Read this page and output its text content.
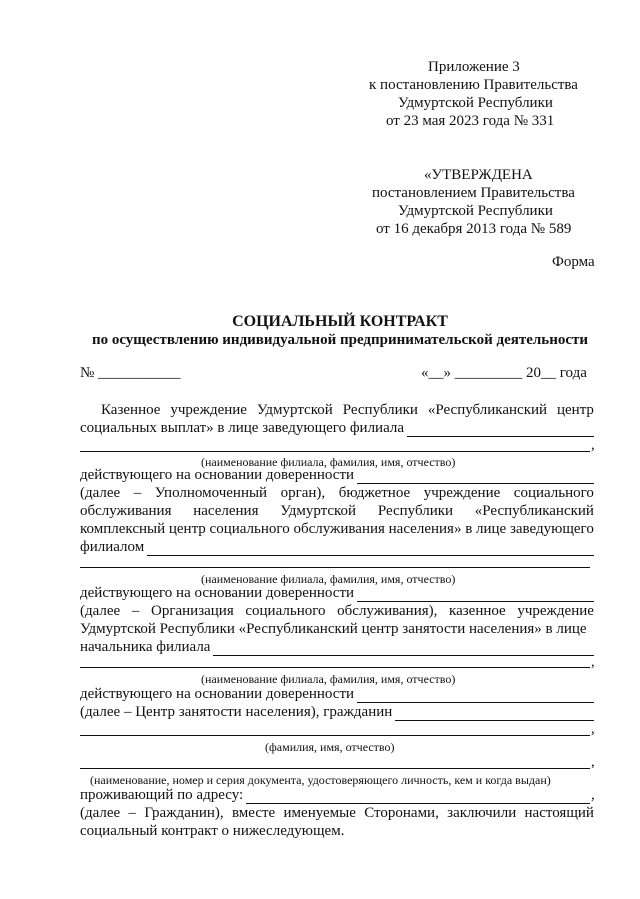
Приложение 3
к постановлению Правительства
Удмуртской Республики
от 23 мая 2023 года № 331
«УТВЕРЖДЕНА
постановлением Правительства
Удмуртской Республики
от 16 декабря 2013 года № 589
Форма
СОЦИАЛЬНЫЙ КОНТРАКТ
по осуществлению индивидуальной предпринимательской деятельности
№ ___________	«__» _________ 20__ года
Казенное учреждение Удмуртской Республики «Республиканский центр
социальных выплат» в лице заведующего филиала
,
(наименование филиала, фамилия, имя, отчество)
действующего на основании доверенности
(далее – Уполномоченный орган), бюджетное учреждение социального
обслуживания населения Удмуртской Республики «Республиканский
комплексный центр социального обслуживания населения» в лице заведующего
филиалом
(наименование филиала, фамилия, имя, отчество)
действующего на основании доверенности
(далее – Организация социального обслуживания), казенное учреждение
Удмуртской Республики «Республиканский центр занятости населения» в лице
начальника филиала
,
(наименование филиала, фамилия, имя, отчество)
действующего на основании доверенности
(далее – Центр занятости населения), гражданин
,
(фамилия, имя, отчество)
,
(наименование, номер и серия документа, удостоверяющего личность, кем и когда выдан)
проживающий по адресу:	,
(далее – Гражданин), вместе именуемые Сторонами, заключили настоящий
социальный контракт о нижеследующем.
